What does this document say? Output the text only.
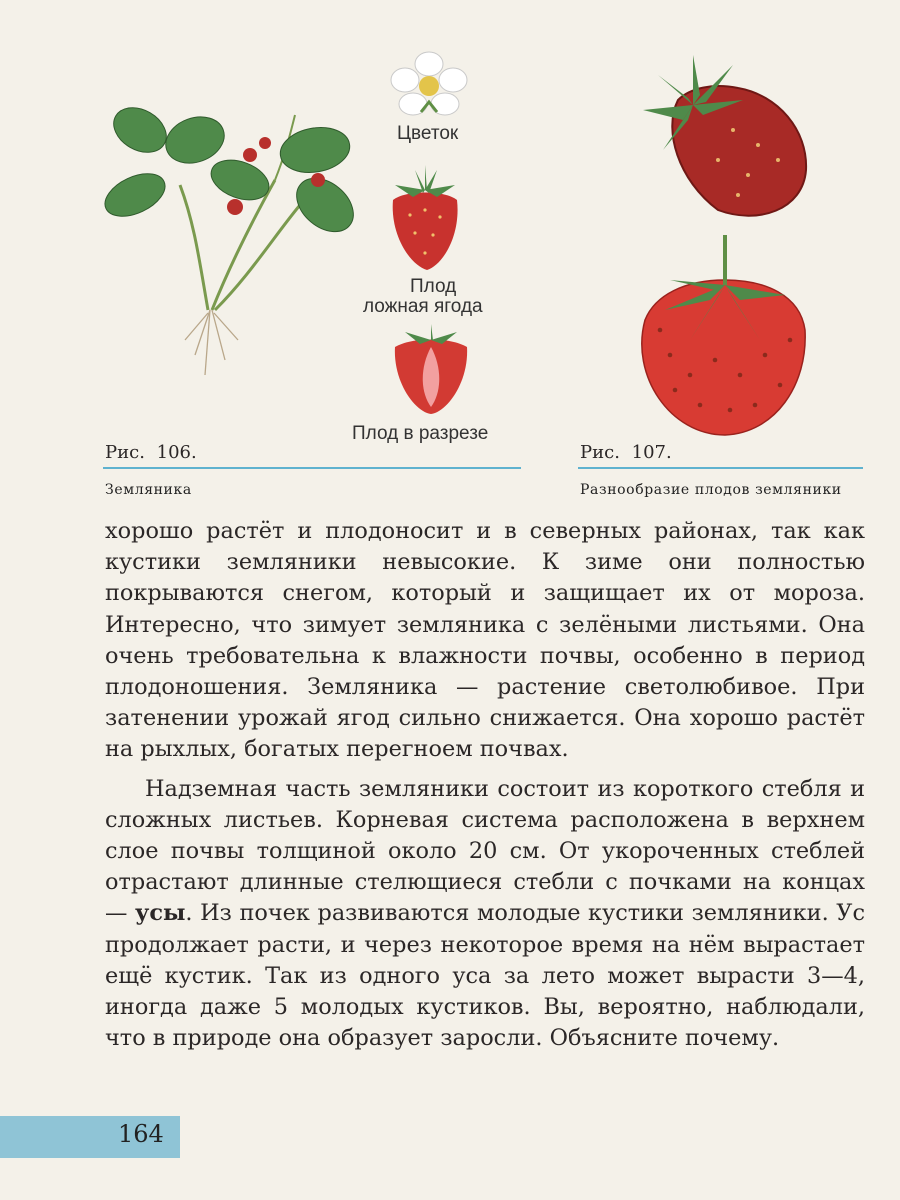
Цветок
Плод
ложная ягода
Плод в разрезе
Рис. 106.
Земляника
Рис. 107.
Разнообразие плодов земляники

хорошо растёт и плодоносит и в северных районах, так как кустики земляники невысокие. К зиме они полностью покрываются снегом, который и защищает их от мороза. Интересно, что зимует земляника с зелёными листьями. Она очень требовательна к влажности почвы, особенно в период плодоношения. Земляника — растение светолюбивое. При затенении урожай ягод сильно снижается. Она хорошо растёт на рыхлых, богатых перегноем почвах.

Надземная часть земляники состоит из короткого стебля и сложных листьев. Корневая система расположена в верхнем слое почвы толщиной около 20 см. От укороченных стеблей отрастают длинные стелющиеся стебли с почками на концах — усы. Из почек развиваются молодые кустики земляники. Ус продолжает расти, и через некоторое время на нём вырастает ещё кустик. Так из одного уса за лето может вырасти 3—4, иногда даже 5 молодых кустиков. Вы, вероятно, наблюдали, что в природе она образует заросли. Объясните почему.

164
